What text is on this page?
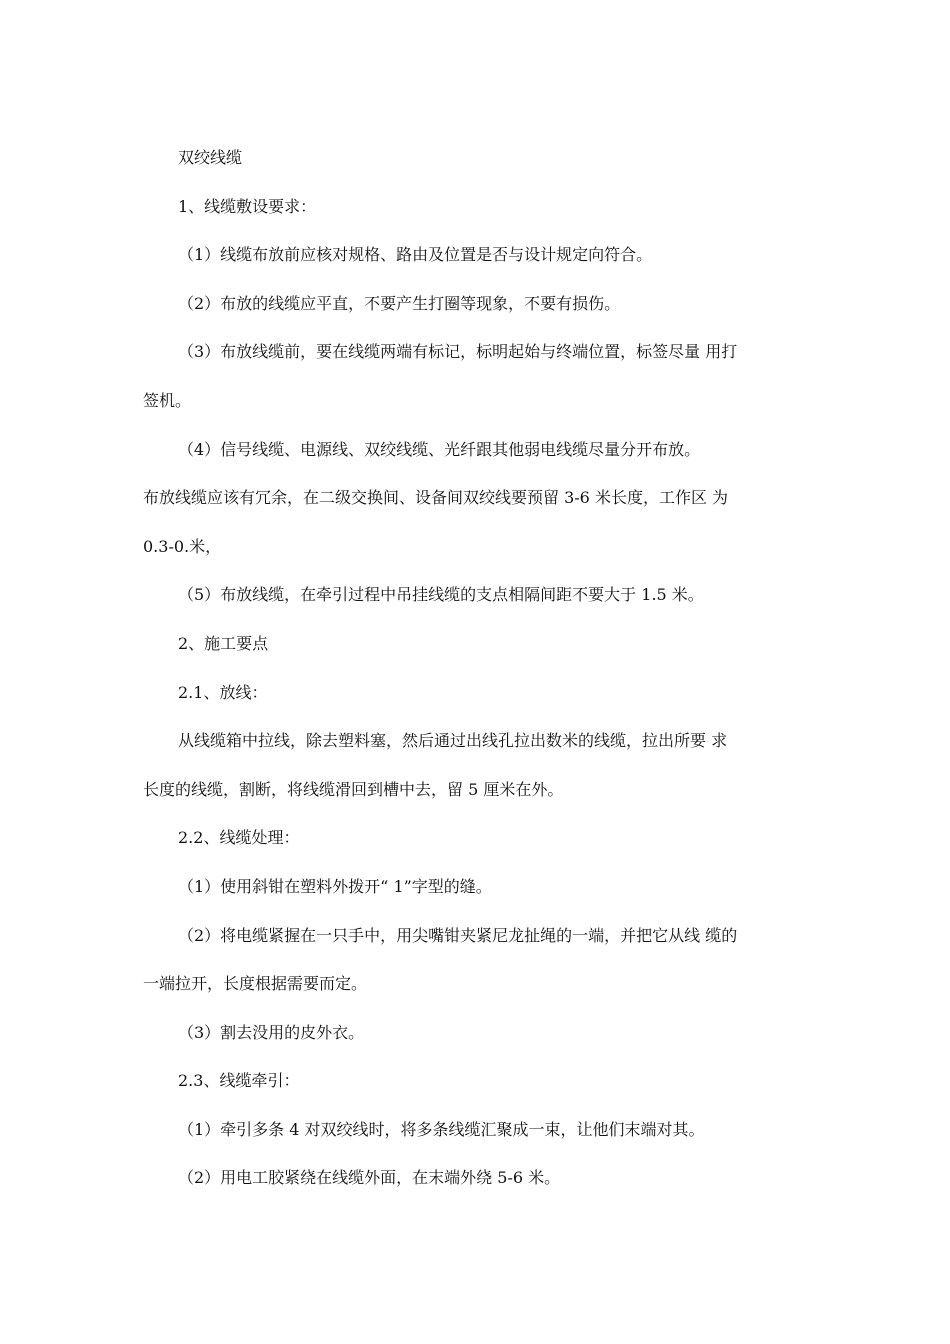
双绞线缆
1、线缆敷设要求：
（1）线缆布放前应核对规格、路由及位置是否与设计规定向符合。
（2）布放的线缆应平直，不要产生打圈等现象，不要有损伤。
（3）布放线缆前，要在线缆两端有标记，标明起始与终端位置，标签尽量 用打
签机。
（4）信号线缆、电源线、双绞线缆、光纤跟其他弱电线缆尽量分开布放。
布放线缆应该有冗余，在二级交换间、设备间双绞线要预留 3-6 米长度，工作区 为
0.3-0.米，
（5）布放线缆，在牵引过程中吊挂线缆的支点相隔间距不要大于 1.5 米。
2、施工要点
2.1、放线：
从线缆箱中拉线，除去塑料塞，然后通过出线孔拉出数米的线缆，拉出所要 求
长度的线缆，割断，将线缆滑回到槽中去，留 5 厘米在外。
2.2、线缆处理：
（1）使用斜钳在塑料外拨开“ 1”字型的缝。
（2）将电缆紧握在一只手中，用尖嘴钳夹紧尼龙扯绳的一端，并把它从线 缆的
一端拉开，长度根据需要而定。
（3）割去没用的皮外衣。
2.3、线缆牵引：
（1）牵引多条 4 对双绞线时，将多条线缆汇聚成一束，让他们末端对其。
（2）用电工胶紧绕在线缆外面，在末端外绕 5-6 米。
